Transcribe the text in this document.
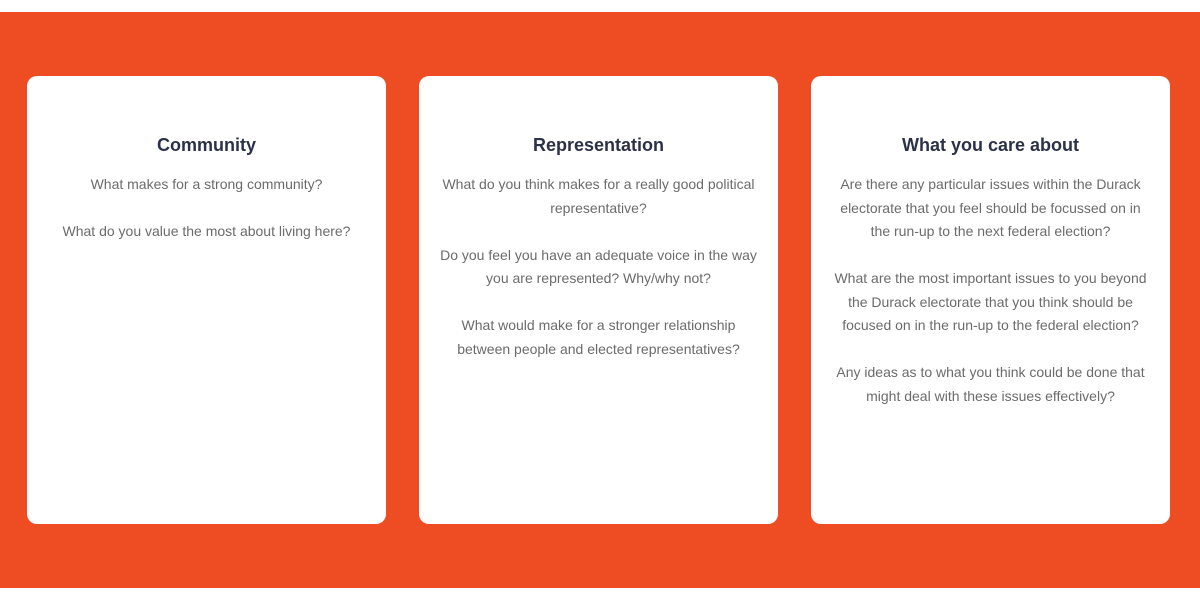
Community

What makes for a strong community?

What do you value the most about living here?

Representation

What do you think makes for a really good political representative?

Do you feel you have an adequate voice in the way you are represented? Why/why not?

What would make for a stronger relationship between people and elected representatives?

What you care about

Are there any particular issues within the Durack electorate that you feel should be focussed on in the run-up to the next federal election?

What are the most important issues to you beyond the Durack electorate that you think should be focused on in the run-up to the federal election?

Any ideas as to what you think could be done that might deal with these issues effectively?
